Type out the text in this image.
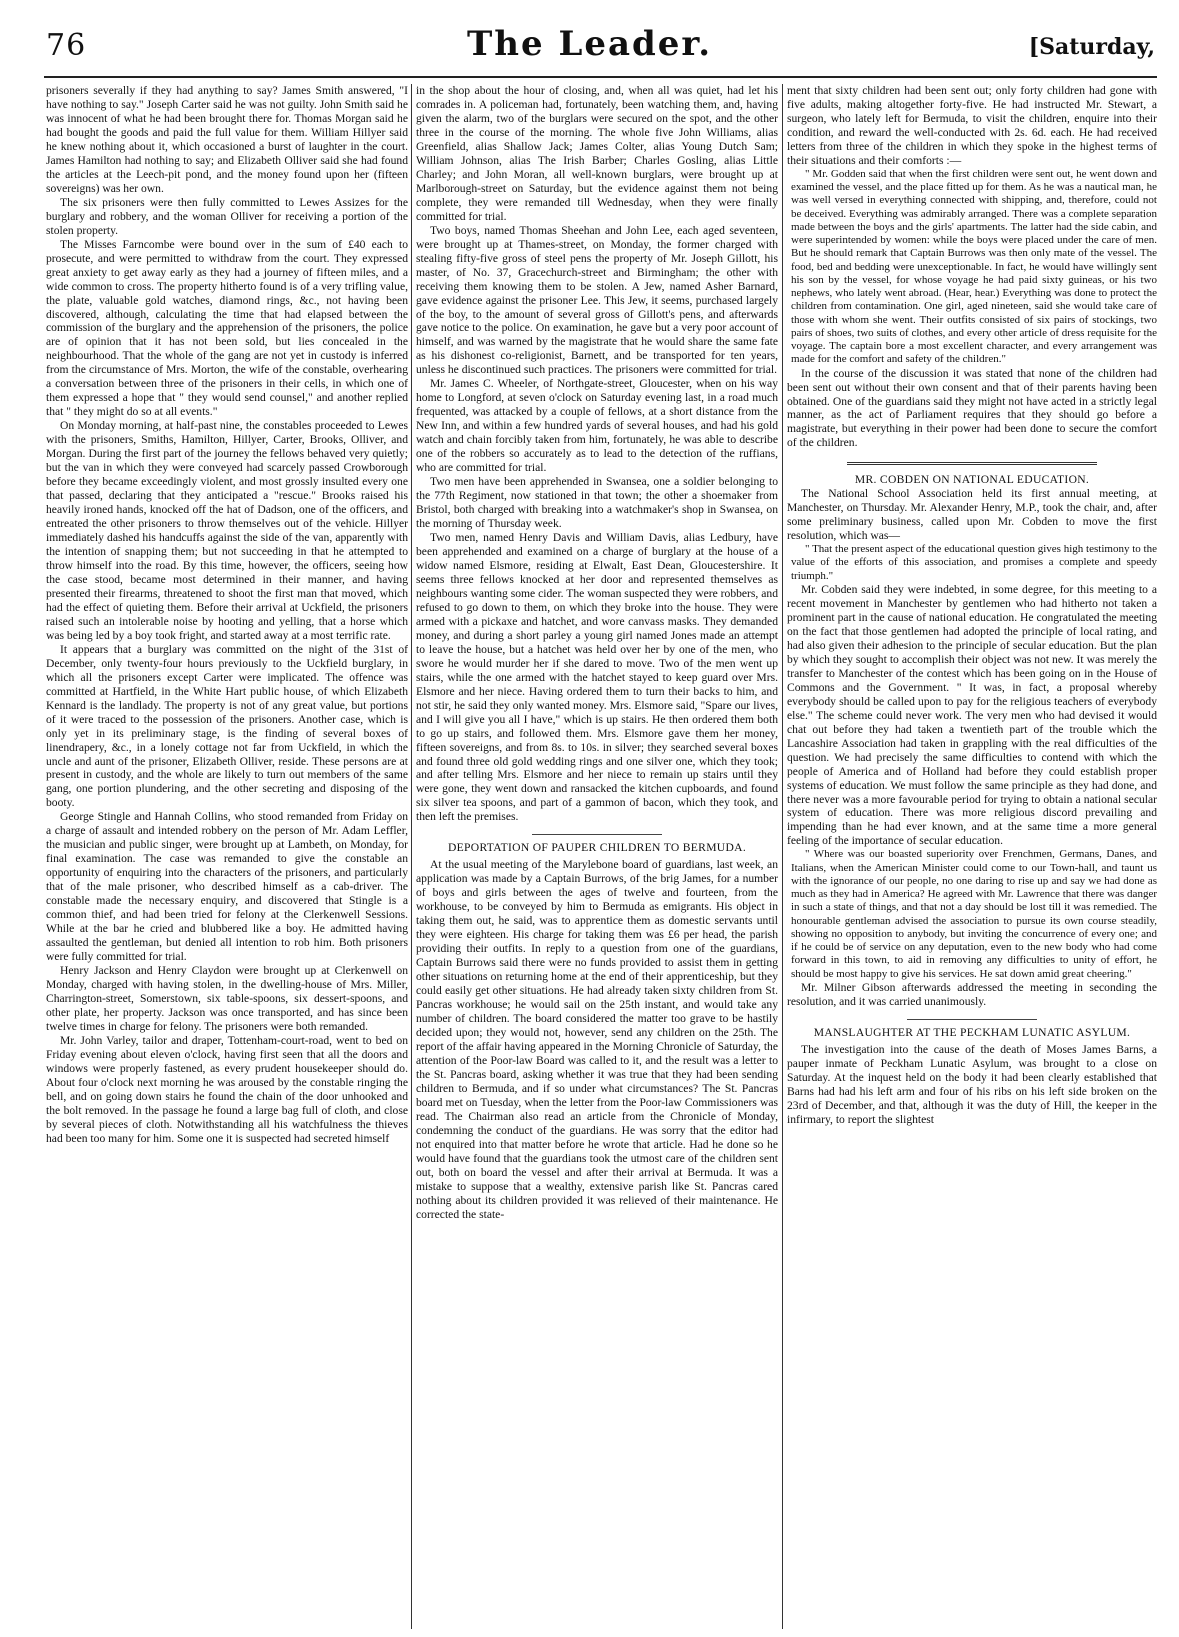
76	The Leader.	[Saturday,

prisoners severally if they had anything to say? James Smith answered, "I have nothing to say." Joseph Carter said he was not guilty. John Smith said he was innocent of what he had been brought there for. Thomas Morgan said he had bought the goods and paid the full value for them. William Hillyer said he knew nothing about it, which occasioned a burst of laughter in the court. James Hamilton had nothing to say; and Elizabeth Olliver said she had found the articles at the Leech-pit pond, and the money found upon her (fifteen sovereigns) was her own.

The six prisoners were then fully committed to Lewes Assizes for the burglary and robbery, and the woman Olliver for receiving a portion of the stolen property.

The Misses Farncombe were bound over in the sum of £40 each to prosecute, and were permitted to withdraw from the court. They expressed great anxiety to get away early as they had a journey of fifteen miles, and a wide common to cross. The property hitherto found is of a very trifling value, the plate, valuable gold watches, diamond rings, &c., not having been discovered, although, calculating the time that had elapsed between the commission of the burglary and the apprehension of the prisoners, the police are of opinion that it has not been sold, but lies concealed in the neighbourhood. That the whole of the gang are not yet in custody is inferred from the circumstance of Mrs. Morton, the wife of the constable, overhearing a conversation between three of the prisoners in their cells, in which one of them expressed a hope that " they would send counsel," and another replied that " they might do so at all events."

On Monday morning, at half-past nine, the constables proceeded to Lewes with the prisoners, Smiths, Hamilton, Hillyer, Carter, Brooks, Olliver, and Morgan. During the first part of the journey the fellows behaved very quietly; but the van in which they were conveyed had scarcely passed Crowborough before they became exceedingly violent, and most grossly insulted every one that passed, declaring that they anticipated a "rescue." Brooks raised his heavily ironed hands, knocked off the hat of Dadson, one of the officers, and entreated the other prisoners to throw themselves out of the vehicle. Hillyer immediately dashed his handcuffs against the side of the van, apparently with the intention of snapping them; but not succeeding in that he attempted to throw himself into the road. By this time, however, the officers, seeing how the case stood, became most determined in their manner, and having presented their firearms, threatened to shoot the first man that moved, which had the effect of quieting them. Before their arrival at Uckfield, the prisoners raised such an intolerable noise by hooting and yelling, that a horse which was being led by a boy took fright, and started away at a most terrific rate.

It appears that a burglary was committed on the night of the 31st of December, only twenty-four hours previously to the Uckfield burglary, in which all the prisoners except Carter were implicated. The offence was committed at Hartfield, in the White Hart public house, of which Elizabeth Kennard is the landlady. The property is not of any great value, but portions of it were traced to the possession of the prisoners. Another case, which is only yet in its preliminary stage, is the finding of several boxes of linendrapery, &c., in a lonely cottage not far from Uckfield, in which the uncle and aunt of the prisoner, Elizabeth Olliver, reside. These persons are at present in custody, and the whole are likely to turn out members of the same gang, one portion plundering, and the other secreting and disposing of the booty.

George Stingle and Hannah Collins, who stood remanded from Friday on a charge of assault and intended robbery on the person of Mr. Adam Leffler, the musician and public singer, were brought up at Lambeth, on Monday, for final examination. The case was remanded to give the constable an opportunity of enquiring into the characters of the prisoners, and particularly that of the male prisoner, who described himself as a cab-driver. The constable made the necessary enquiry, and discovered that Stingle is a common thief, and had been tried for felony at the Clerkenwell Sessions. While at the bar he cried and blubbered like a boy. He admitted having assaulted the gentleman, but denied all intention to rob him. Both prisoners were fully committed for trial.

Henry Jackson and Henry Claydon were brought up at Clerkenwell on Monday, charged with having stolen, in the dwelling-house of Mrs. Miller, Charrington-street, Somerstown, six table-spoons, six dessert-spoons, and other plate, her property. Jackson was once transported, and has since been twelve times in charge for felony. The prisoners were both remanded.

Mr. John Varley, tailor and draper, Tottenham-court-road, went to bed on Friday evening about eleven o'clock, having first seen that all the doors and windows were properly fastened, as every prudent housekeeper should do. About four o'clock next morning he was aroused by the constable ringing the bell, and on going down stairs he found the chain of the door unhooked and the bolt removed. In the passage he found a large bag full of cloth, and close by several pieces of cloth. Notwithstanding all his watchfulness the thieves had been too many for him. Some one it is suspected had secreted himself

in the shop about the hour of closing, and, when all was quiet, had let his comrades in. A policeman had, fortunately, been watching them, and, having given the alarm, two of the burglars were secured on the spot, and the other three in the course of the morning. The whole five John Williams, alias Greenfield, alias Shallow Jack; James Colter, alias Young Dutch Sam; William Johnson, alias The Irish Barber; Charles Gosling, alias Little Charley; and John Moran, all well-known burglars, were brought up at Marlborough-street on Saturday, but the evidence against them not being complete, they were remanded till Wednesday, when they were finally committed for trial.

Two boys, named Thomas Sheehan and John Lee, each aged seventeen, were brought up at Thames-street, on Monday, the former charged with stealing fifty-five gross of steel pens the property of Mr. Joseph Gillott, his master, of No. 37, Gracechurch-street and Birmingham; the other with receiving them knowing them to be stolen. A Jew, named Asher Barnard, gave evidence against the prisoner Lee. This Jew, it seems, purchased largely of the boy, to the amount of several gross of Gillott's pens, and afterwards gave notice to the police. On examination, he gave but a very poor account of himself, and was warned by the magistrate that he would share the same fate as his dishonest co-religionist, Barnett, and be transported for ten years, unless he discontinued such practices. The prisoners were committed for trial.

Mr. James C. Wheeler, of Northgate-street, Gloucester, when on his way home to Longford, at seven o'clock on Saturday evening last, in a road much frequented, was attacked by a couple of fellows, at a short distance from the New Inn, and within a few hundred yards of several houses, and had his gold watch and chain forcibly taken from him, fortunately, he was able to describe one of the robbers so accurately as to lead to the detection of the ruffians, who are committed for trial.

Two men have been apprehended in Swansea, one a soldier belonging to the 77th Regiment, now stationed in that town; the other a shoemaker from Bristol, both charged with breaking into a watchmaker's shop in Swansea, on the morning of Thursday week.

Two men, named Henry Davis and William Davis, alias Ledbury, have been apprehended and examined on a charge of burglary at the house of a widow named Elsmore, residing at Elwalt, East Dean, Gloucestershire. It seems three fellows knocked at her door and represented themselves as neighbours wanting some cider. The woman suspected they were robbers, and refused to go down to them, on which they broke into the house. They were armed with a pickaxe and hatchet, and wore canvass masks. They demanded money, and during a short parley a young girl named Jones made an attempt to leave the house, but a hatchet was held over her by one of the men, who swore he would murder her if she dared to move. Two of the men went up stairs, while the one armed with the hatchet stayed to keep guard over Mrs. Elsmore and her niece. Having ordered them to turn their backs to him, and not stir, he said they only wanted money. Mrs. Elsmore said, "Spare our lives, and I will give you all I have," which is up stairs. He then ordered them both to go up stairs, and followed them. Mrs. Elsmore gave them her money, fifteen sovereigns, and from 8s. to 10s. in silver; they searched several boxes and found three old gold wedding rings and one silver one, which they took; and after telling Mrs. Elsmore and her niece to remain up stairs until they were gone, they went down and ransacked the kitchen cupboards, and found six silver tea spoons, and part of a gammon of bacon, which they took, and then left the premises.

DEPORTATION OF PAUPER CHILDREN TO BERMUDA.

At the usual meeting of the Marylebone board of guardians, last week, an application was made by a Captain Burrows, of the brig James, for a number of boys and girls between the ages of twelve and fourteen, from the workhouse, to be conveyed by him to Bermuda as emigrants. His object in taking them out, he said, was to apprentice them as domestic servants until they were eighteen. His charge for taking them was £6 per head, the parish providing their outfits. In reply to a question from one of the guardians, Captain Burrows said there were no funds provided to assist them in getting other situations on returning home at the end of their apprenticeship, but they could easily get other situations. He had already taken sixty children from St. Pancras workhouse; he would sail on the 25th instant, and would take any number of children. The board considered the matter too grave to be hastily decided upon; they would not, however, send any children on the 25th. The report of the affair having appeared in the Morning Chronicle of Saturday, the attention of the Poor-law Board was called to it, and the result was a letter to the St. Pancras board, asking whether it was true that they had been sending children to Bermuda, and if so under what circumstances? The St. Pancras board met on Tuesday, when the letter from the Poor-law Commissioners was read. The Chairman also read an article from the Chronicle of Monday, condemning the conduct of the guardians. He was sorry that the editor had not enquired into that matter before he wrote that article. Had he done so he would have found that the guardians took the utmost care of the children sent out, both on board the vessel and after their arrival at Bermuda. It was a mistake to suppose that a wealthy, extensive parish like St. Pancras cared nothing about its children provided it was relieved of their maintenance. He corrected the state-

ment that sixty children had been sent out; only forty children had gone with five adults, making altogether forty-five. He had instructed Mr. Stewart, a surgeon, who lately left for Bermuda, to visit the children, enquire into their condition, and reward the well-conducted with 2s. 6d. each. He had received letters from three of the children in which they spoke in the highest terms of their situations and their comforts :—

" Mr. Godden said that when the first children were sent out, he went down and examined the vessel, and the place fitted up for them. As he was a nautical man, he was well versed in everything connected with shipping, and, therefore, could not be deceived. Everything was admirably arranged. There was a complete separation made between the boys and the girls' apartments. The latter had the side cabin, and were superintended by women: while the boys were placed under the care of men. But he should remark that Captain Burrows was then only mate of the vessel. The food, bed and bedding were unexceptionable. In fact, he would have willingly sent his son by the vessel, for whose voyage he had paid sixty guineas, or his two nephews, who lately went abroad. (Hear, hear.) Everything was done to protect the children from contamination. One girl, aged nineteen, said she would take care of those with whom she went. Their outfits consisted of six pairs of stockings, two pairs of shoes, two suits of clothes, and every other article of dress requisite for the voyage. The captain bore a most excellent character, and every arrangement was made for the comfort and safety of the children."

In the course of the discussion it was stated that none of the children had been sent out without their own consent and that of their parents having been obtained. One of the guardians said they might not have acted in a strictly legal manner, as the act of Parliament requires that they should go before a magistrate, but everything in their power had been done to secure the comfort of the children.

MR. COBDEN ON NATIONAL EDUCATION.

The National School Association held its first annual meeting, at Manchester, on Thursday. Mr. Alexander Henry, M.P., took the chair, and, after some preliminary business, called upon Mr. Cobden to move the first resolution, which was—

" That the present aspect of the educational question gives high testimony to the value of the efforts of this association, and promises a complete and speedy triumph."

Mr. Cobden said they were indebted, in some degree, for this meeting to a recent movement in Manchester by gentlemen who had hitherto not taken a prominent part in the cause of national education. He congratulated the meeting on the fact that those gentlemen had adopted the principle of local rating, and had also given their adhesion to the principle of secular education. But the plan by which they sought to accomplish their object was not new. It was merely the transfer to Manchester of the contest which has been going on in the House of Commons and the Government. " It was, in fact, a proposal whereby everybody should be called upon to pay for the religious teachers of everybody else." The scheme could never work. The very men who had devised it would chat out before they had taken a twentieth part of the trouble which the Lancashire Association had taken in grappling with the real difficulties of the question. We had precisely the same difficulties to contend with which the people of America and of Holland had before they could establish proper systems of education. We must follow the same principle as they had done, and there never was a more favourable period for trying to obtain a national secular system of education. There was more religious discord prevailing and impending than he had ever known, and at the same time a more general feeling of the importance of secular education.

" Where was our boasted superiority over Frenchmen, Germans, Danes, and Italians, when the American Minister could come to our Town-hall, and taunt us with the ignorance of our people, no one daring to rise up and say we had done as much as they had in America? He agreed with Mr. Lawrence that there was danger in such a state of things, and that not a day should be lost till it was remedied. The honourable gentleman advised the association to pursue its own course steadily, showing no opposition to anybody, but inviting the concurrence of every one; and if he could be of service on any deputation, even to the new body who had come forward in this town, to aid in removing any difficulties to unity of effort, he should be most happy to give his services. He sat down amid great cheering."

Mr. Milner Gibson afterwards addressed the meeting in seconding the resolution, and it was carried unanimously.

MANSLAUGHTER AT THE PECKHAM LUNATIC ASYLUM.

The investigation into the cause of the death of Moses James Barns, a pauper inmate of Peckham Lunatic Asylum, was brought to a close on Saturday. At the inquest held on the body it had been clearly established that Barns had had his left arm and four of his ribs on his left side broken on the 23rd of December, and that, although it was the duty of Hill, the keeper in the infirmary, to report the slightest
